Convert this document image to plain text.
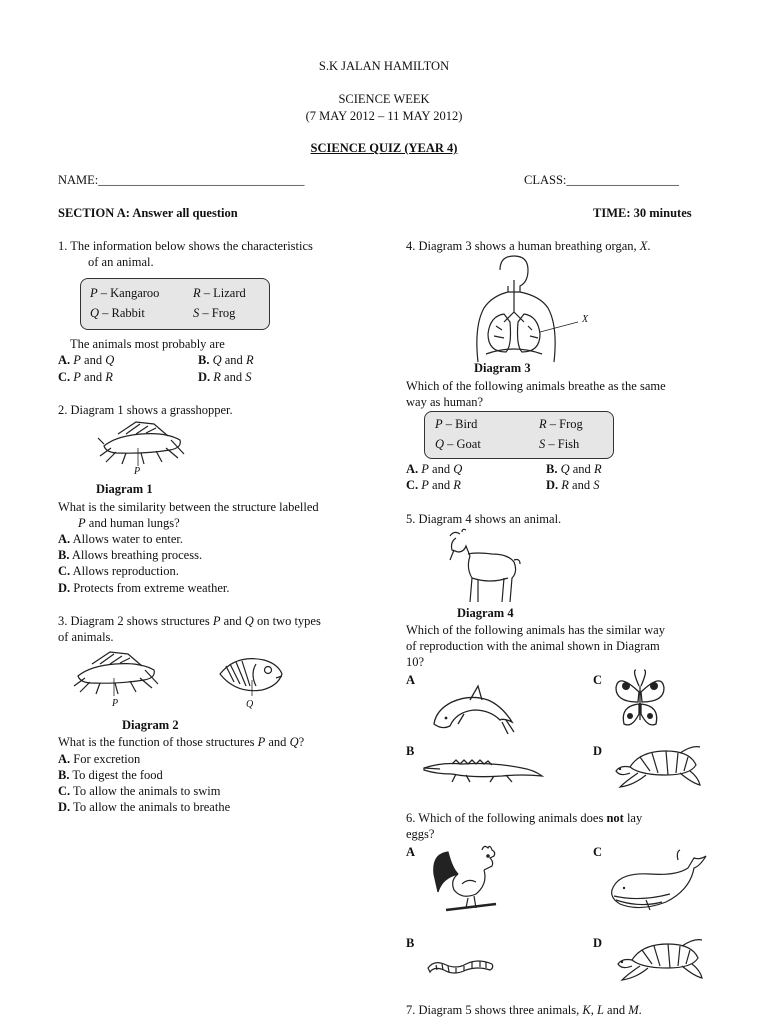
S.K JALAN HAMILTON
SCIENCE WEEK
(7 MAY 2012 – 11 MAY 2012)
SCIENCE QUIZ (YEAR 4)
NAME:_________________________________	CLASS:__________________
SECTION A: Answer all question	TIME: 30 minutes
1. The information below shows the characteristics
of an animal.
P – Kangaroo	R – Lizard
Q – Rabbit	S – Frog
The animals most probably are
A. P and Q	B. Q and R
C. P and R	D. R and S
2. Diagram 1 shows a grasshopper.
P
Diagram 1
What is the similarity between the structure labelled
P and human lungs?
A. Allows water to enter.
B. Allows breathing process.
C. Allows reproduction.
D. Protects from extreme weather.
3. Diagram 2 shows structures P and Q on two types
of animals.
P	Q
Diagram 2
What is the function of those structures P and Q?
A. For excretion
B. To digest the food
C. To allow the animals to swim
D. To allow the animals to breathe
4. Diagram 3 shows a human breathing organ, X.
X
Diagram 3
Which of the following animals breathe as the same
way as human?
P – Bird	R – Frog
Q – Goat	S – Fish
A. P and Q	B. Q and R
C. P and R	D. R and S
5. Diagram 4 shows an animal.
Diagram 4
Which of the following animals has the similar way
of reproduction with the animal shown in Diagram
10?
A	C
B	D
6. Which of the following animals does not lay
eggs?
A	C
B	D
7. Diagram 5 shows three animals, K, L and M.
